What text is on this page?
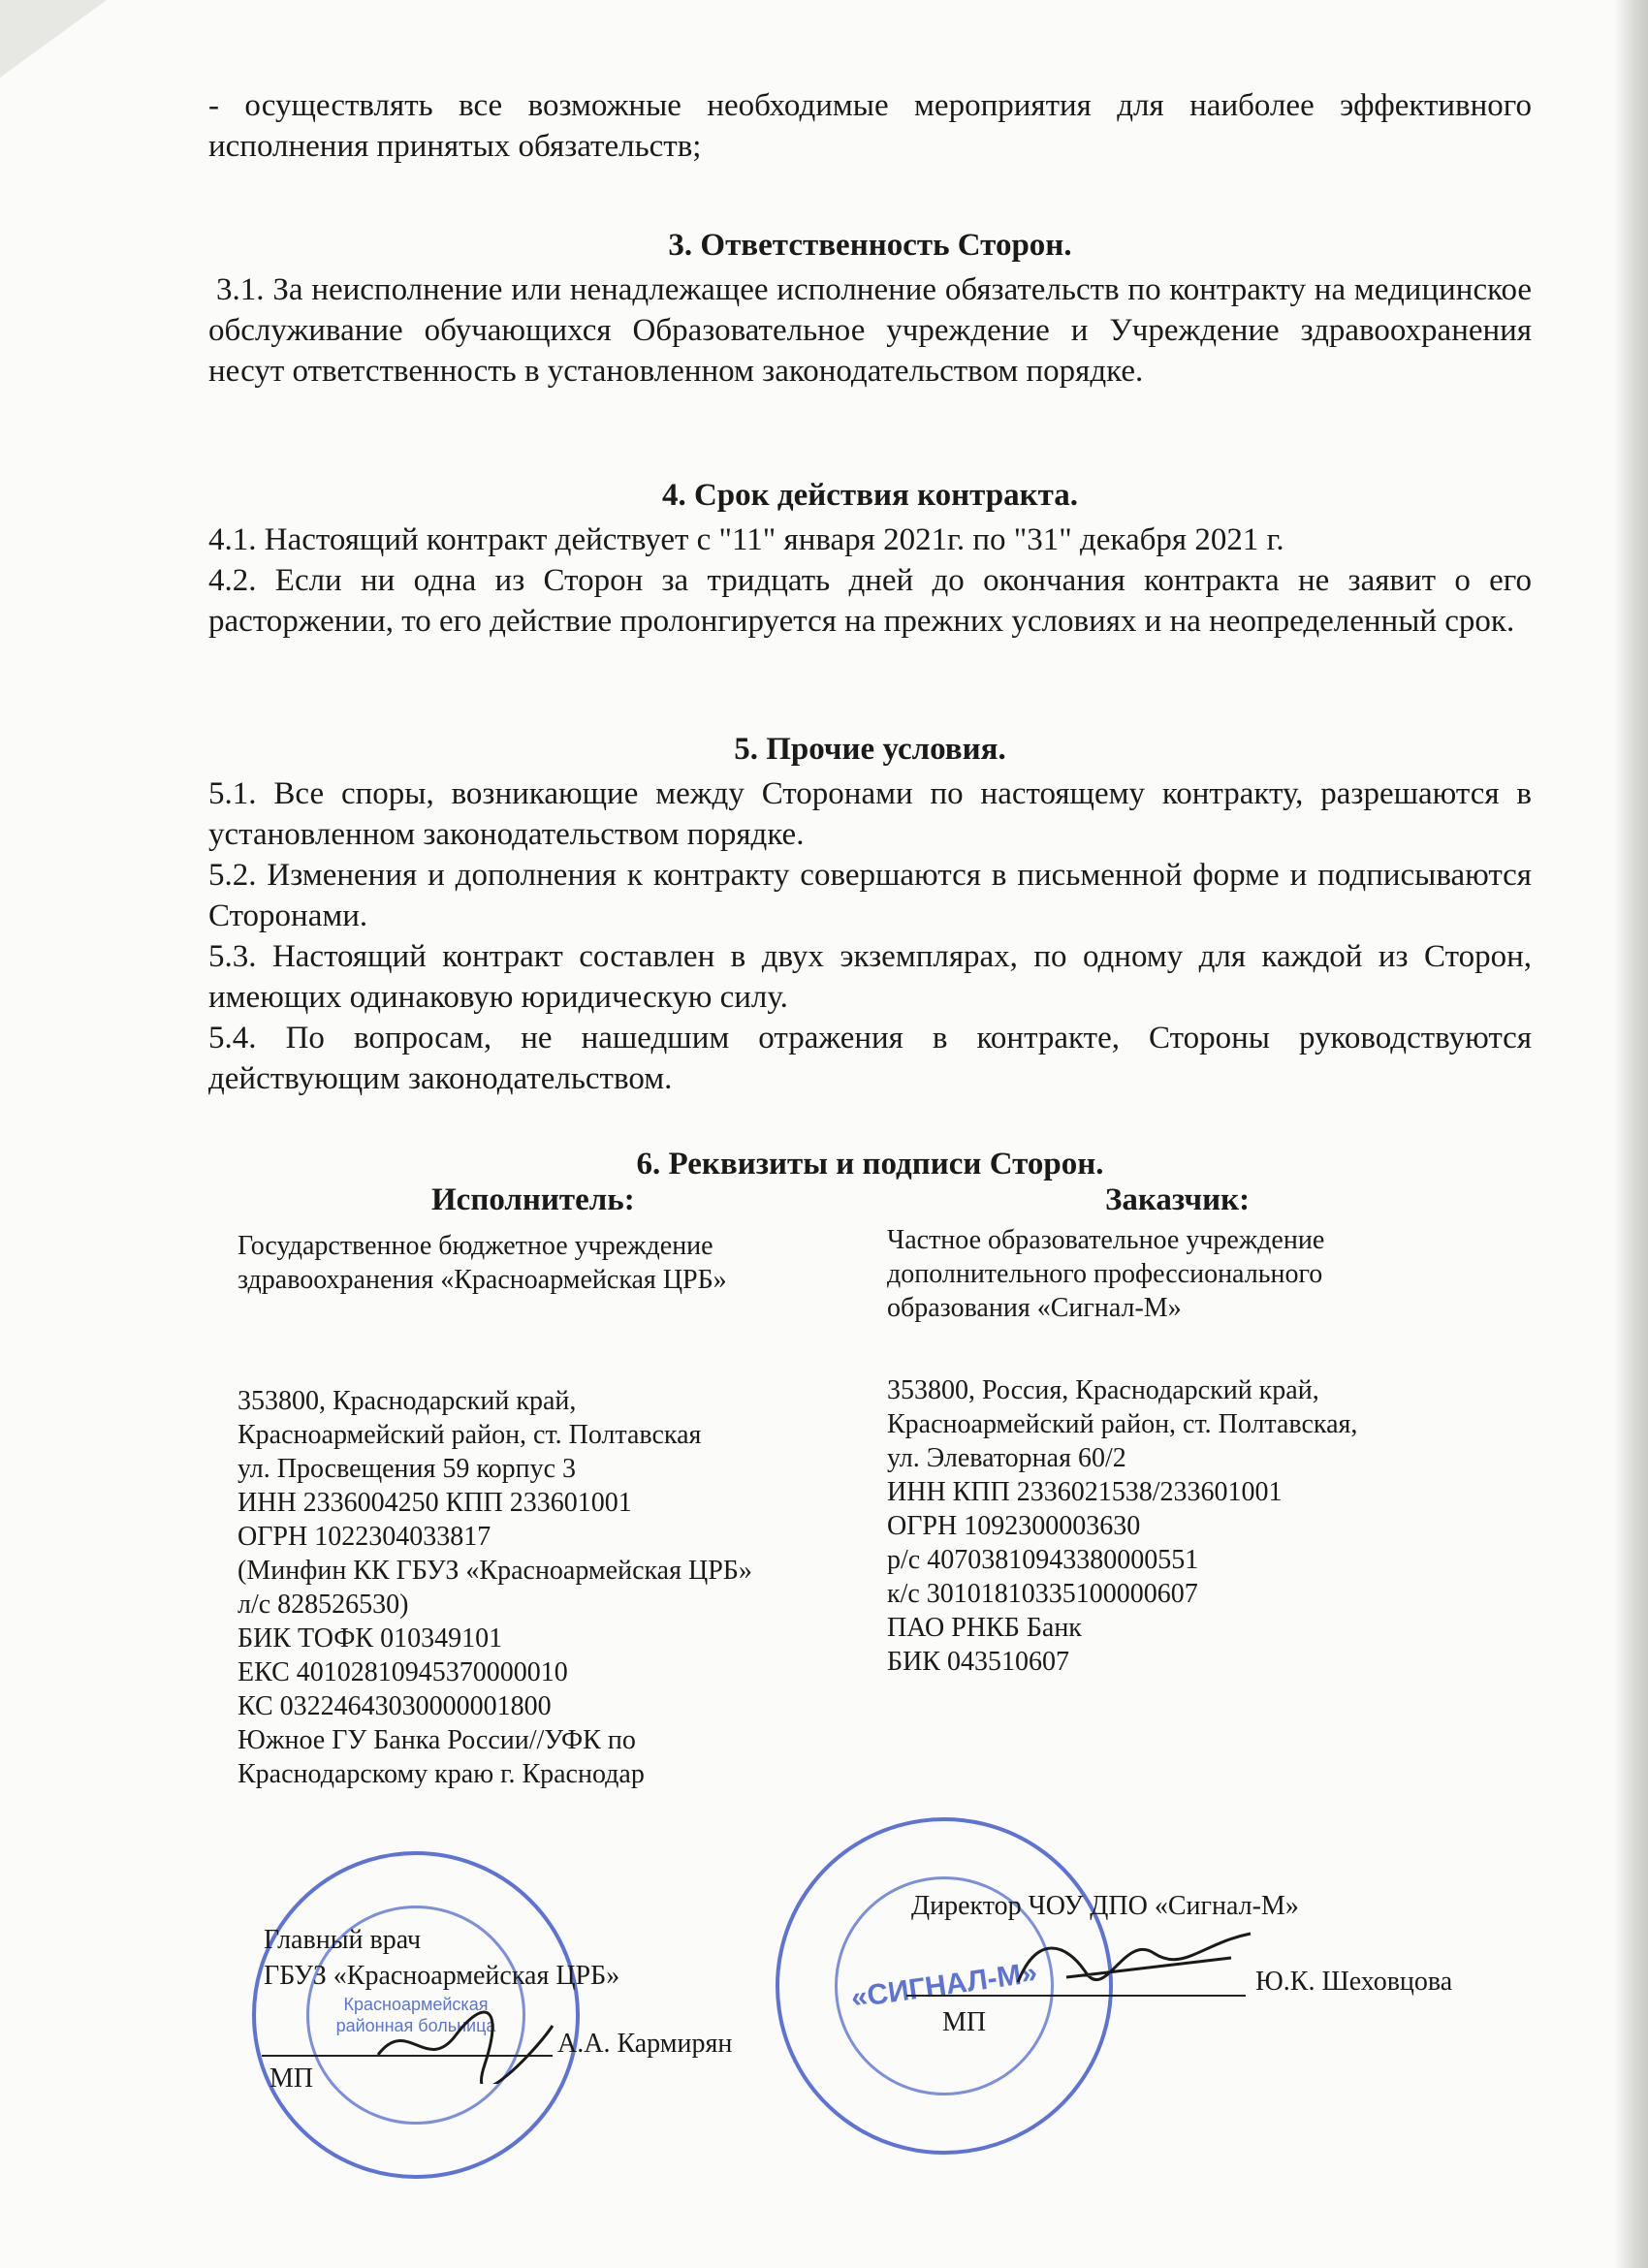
- осуществлять все возможные необходимые мероприятия для наиболее эффективного исполнения принятых обязательств;

3. Ответственность Сторон.

3.1. За неисполнение или ненадлежащее исполнение обязательств по контракту на медицинское обслуживание обучающихся Образовательное учреждение и Учреждение здравоохранения несут ответственность в установленном законодательством порядке.

4. Срок действия контракта.

4.1. Настоящий контракт действует с "11" января 2021г. по "31" декабря 2021 г.

4.2. Если ни одна из Сторон за тридцать дней до окончания контракта не заявит о его расторжении, то его действие пролонгируется на прежних условиях и на неопределенный срок.

5. Прочие условия.

5.1. Все споры, возникающие между Сторонами по настоящему контракту, разрешаются в установленном законодательством порядке.

5.2. Изменения и дополнения к контракту совершаются в письменной форме и подписываются Сторонами.

5.3. Настоящий контракт составлен в двух экземплярах, по одному для каждой из Сторон, имеющих одинаковую юридическую силу.

5.4. По вопросам, не нашедшим отражения в контракте, Стороны руководствуются действующим законодательством.

6. Реквизиты и подписи Сторон.
Исполнитель:	Заказчик:
Государственное бюджетное учреждение
здравоохранения «Красноармейская ЦРБ»
353800, Краснодарский край,
Красноармейский район, ст. Полтавская
ул. Просвещения 59 корпус 3
ИНН 2336004250 КПП 233601001
ОГРН 1022304033817
(Минфин КК ГБУЗ «Красноармейская ЦРБ»
л/с 828526530)
БИК ТОФК 010349101
ЕКС 40102810945370000010
КС 03224643030000001800
Южное ГУ Банка России//УФК по
Краснодарскому краю г. Краснодар
Частное образовательное учреждение
дополнительного профессионального
образования «Сигнал-М»
353800, Россия, Краснодарский край,
Красноармейский район, ст. Полтавская,
ул. Элеваторная 60/2
ИНН КПП 2336021538/233601001
ОГРН 1092300003630
р/с 40703810943380000551
к/с 30101810335100000607
ПАО РНКБ Банк
БИК 043510607
Красноармейская районная больница
«СИГНАЛ-М»
Главный врач
ГБУЗ «Красноармейская ЦРБ»
А.А. Кармирян
МП
Директор ЧОУ ДПО «Сигнал-М»
Ю.К. Шеховцова
МП
